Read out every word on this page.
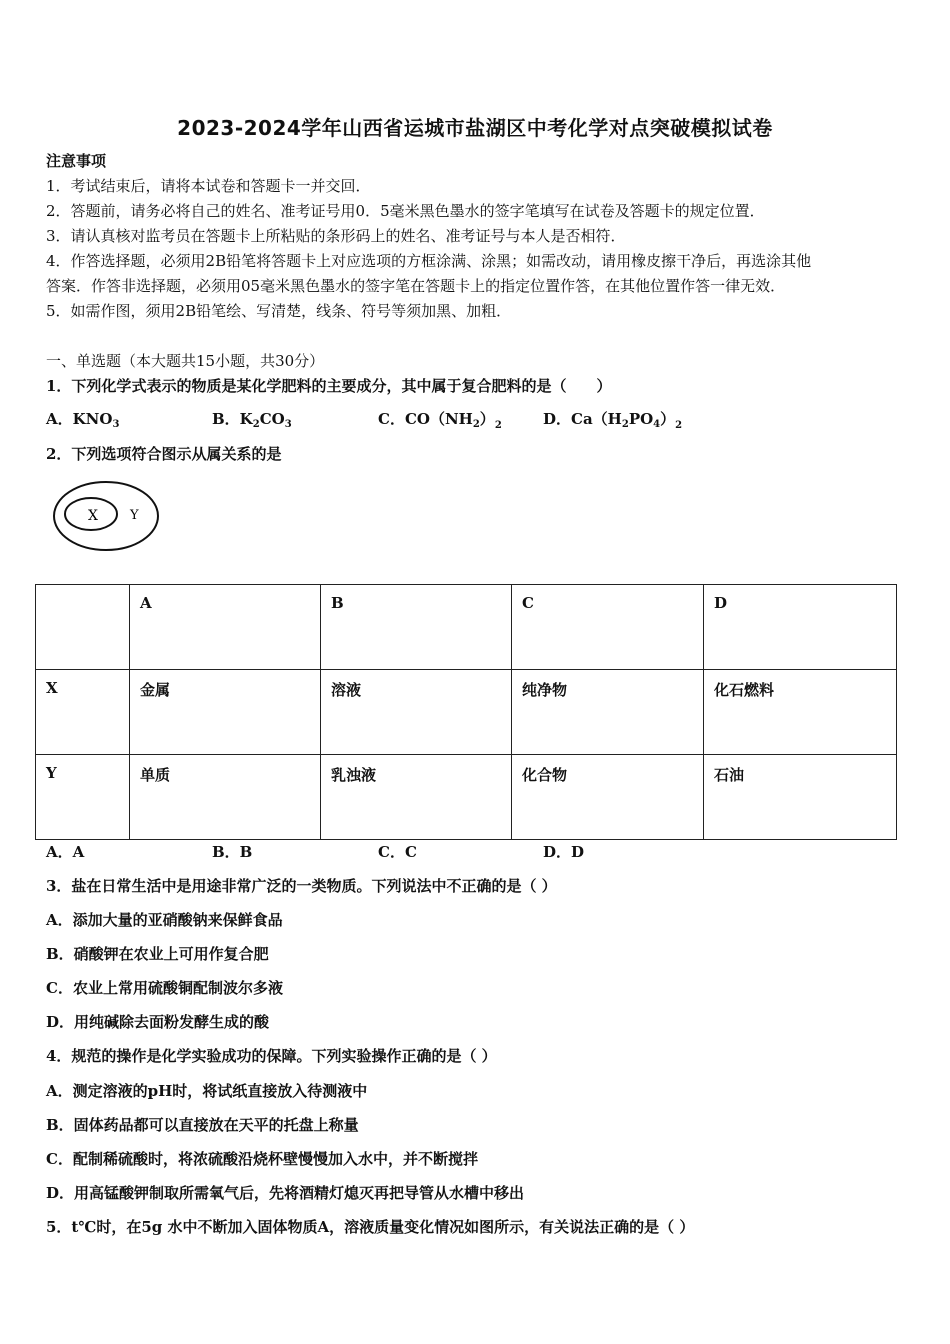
2023-2024学年山西省运城市盐湖区中考化学对点突破模拟试卷
注意事项
1．考试结束后，请将本试卷和答题卡一并交回．
2．答题前，请务必将自己的姓名、准考证号用0．5毫米黑色墨水的签字笔填写在试卷及答题卡的规定位置．
3．请认真核对监考员在答题卡上所粘贴的条形码上的姓名、准考证号与本人是否相符．
4．作答选择题，必须用2B铅笔将答题卡上对应选项的方框涂满、涂黑；如需改动，请用橡皮擦干净后，再选涂其他
答案．作答非选择题，必须用05毫米黑色墨水的签字笔在答题卡上的指定位置作答，在其他位置作答一律无效．
5．如需作图，须用2B铅笔绘、写清楚，线条、符号等须加黑、加粗．
一、单选题（本大题共15小题，共30分）
1．下列化学式表示的物质是某化学肥料的主要成分，其中属于复合肥料的是（　　）
A．$KNO_3$	B．$K_2CO_3$	C．$CO(NH_2)_2$	D．$Ca(H_2PO_4)_2$
2．下列选项符合图示从属关系的是
X Y
	A	B	C	D
X	金属	溶液	纯净物	化石燃料
Y	单质	乳浊液	化合物	石油
A．A	B．B	C．C	D．D
3．盐在日常生活中是用途非常广泛的一类物质。下列说法中不正确的是（ ）
A．添加大量的亚硝酸钠来保鲜食品
B．硝酸钾在农业上可用作复合肥
C．农业上常用硫酸铜配制波尔多液
D．用纯碱除去面粉发酵生成的酸
4．规范的操作是化学实验成功的保障。下列实验操作正确的是（ ）
A．测定溶液的pH时，将试纸直接放入待测液中
B．固体药品都可以直接放在天平的托盘上称量
C．配制稀硫酸时，将浓硫酸沿烧杯壁慢慢加入水中，并不断搅拌
D．用高锰酸钾制取所需氧气后，先将酒精灯熄灭再把导管从水槽中移出
5．t℃时，在5g 水中不断加入固体物质A，溶液质量变化情况如图所示，有关说法正确的是（ ）
